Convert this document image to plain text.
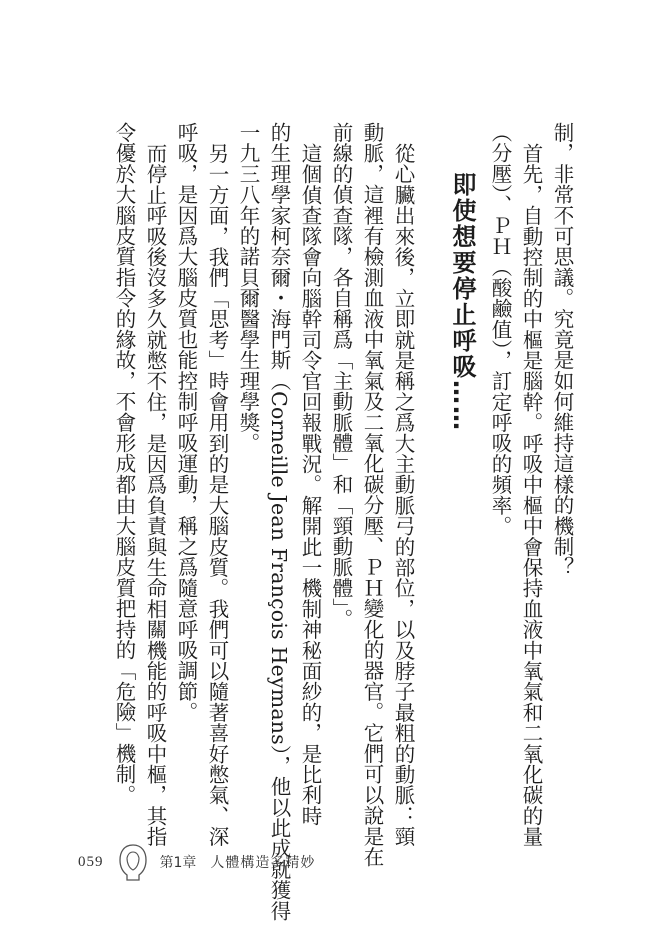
制，非常不可思議。究竟是如何維持這樣的機制？
首先，自動控制的中樞是腦幹。呼吸中樞中會保持血液中氧氣和二氧化碳的量
（分壓）、ＰＨ（酸鹼值），訂定呼吸的頻率。
即使想要停止呼吸……
從心臟出來後，立即就是稱之爲大主動脈弓的部位，以及脖子最粗的動脈：頸
動脈，這裡有檢測血液中氧氣及二氧化碳分壓、ＰＨ變化的器官。它們可以說是在
前線的偵查隊，各自稱爲「主動脈體」和「頸動脈體」。
這個偵查隊會向腦幹司令官回報戰況。解開此一機制神秘面紗的，是比利時
的生理學家柯奈爾・海門斯（Corneille Jean François Heymans），他以此成就獲得
一九三八年的諾貝爾醫學生理學獎。
另一方面，我們「思考」時會用到的是大腦皮質。我們可以隨著喜好憋氣、深
呼吸，是因爲大腦皮質也能控制呼吸運動，稱之爲隨意呼吸調節。
而停止呼吸後沒多久就憋不住，是因爲負責與生命相關機能的呼吸中樞，其指
令優於大腦皮質指令的緣故，不會形成都由大腦皮質把持的「危險」機制。
059	第1章 人體構造多精妙
